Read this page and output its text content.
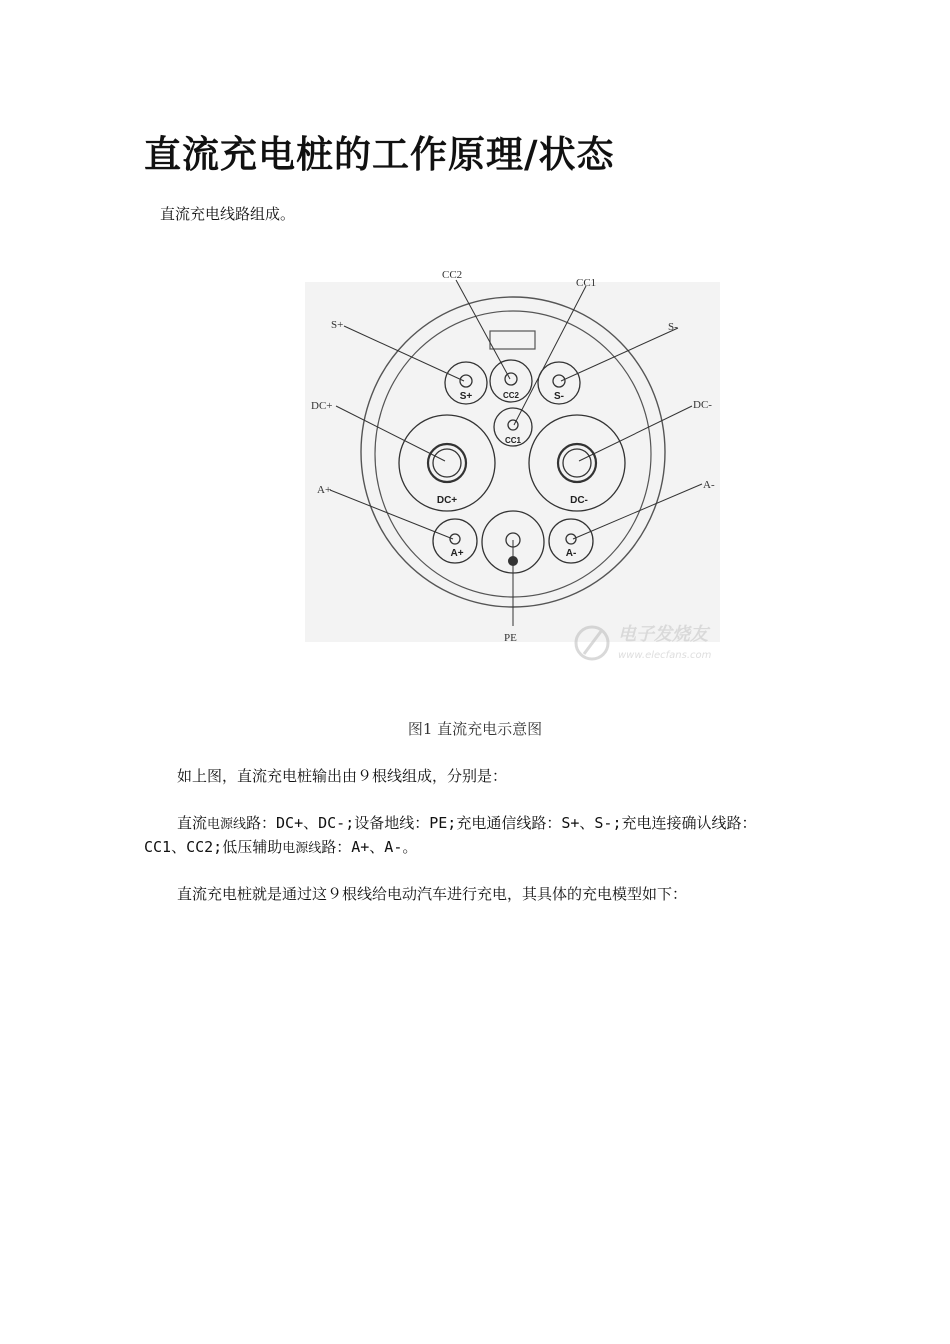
直流充电桩的工作原理/状态
直流充电线路组成。
S+	CC2	S-
CC1
DC+	DC-
A+	A-
CC2
CC1
S+	S-
DC+	DC-
A+	A-
PE	电子发烧友
www.elecfans.com
图1 直流充电示意图
如上图，直流充电桩输出由９根线组成，分别是：
直流电源线路：DC+、DC-;设备地线：PE;充电通信线路：S+、S-;充电连接确认线路：
CC1、CC2;低压辅助电源线路：A+、A-。
直流充电桩就是通过这９根线给电动汽车进行充电，其具体的充电模型如下：
